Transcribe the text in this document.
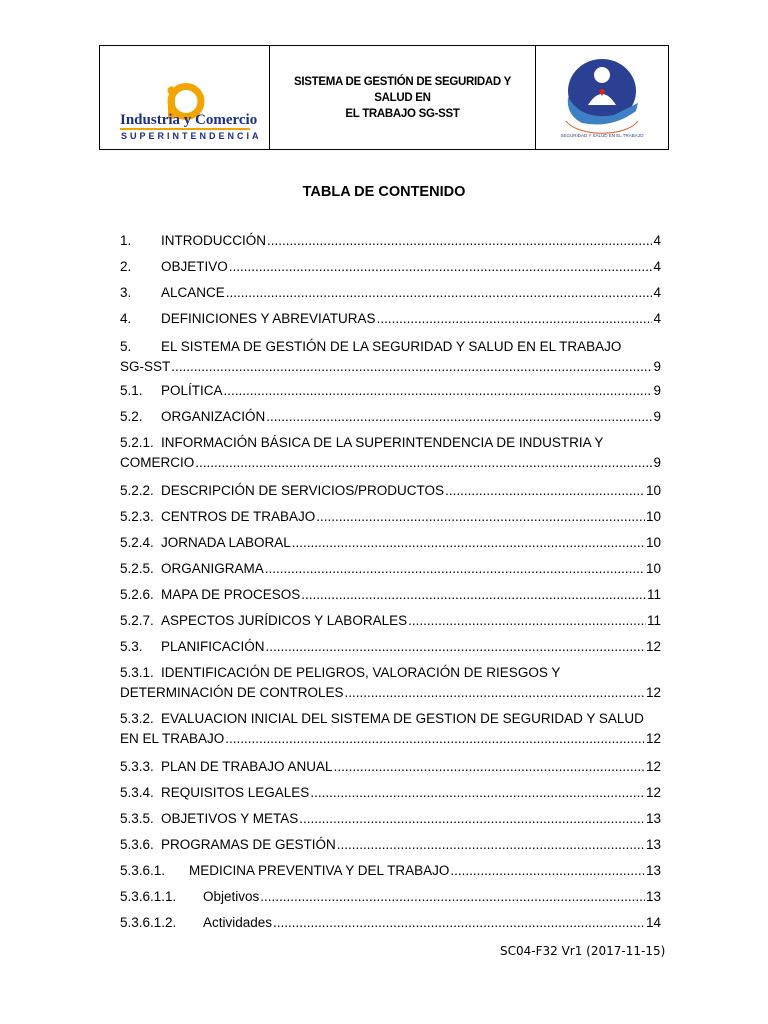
Industria y Comercio
SUPERINTENDENCIA
SISTEMA DE GESTIÓN DE SEGURIDAD Y SALUD EN
EL TRABAJO SG-SST
SEGURIDAD Y SALUD EN EL TRABAJO
TABLA DE CONTENIDO
1.	INTRODUCCIÓN .....	4
2.	OBJETIVO .....	4
3.	ALCANCE .....	4
4.	DEFINICIONES Y ABREVIATURAS .....	4
5.	EL SISTEMA DE GESTIÓN DE LA SEGURIDAD Y SALUD EN EL TRABAJO
SG-SST .....	9
5.1.	POLÍTICA .....	9
5.2.	ORGANIZACIÓN .....	9
5.2.1. INFORMACIÓN BÁSICA DE LA SUPERINTENDENCIA DE INDUSTRIA Y
COMERCIO .....	9
5.2.2. DESCRIPCIÓN DE SERVICIOS/PRODUCTOS .....	10
5.2.3. CENTROS DE TRABAJO .....	10
5.2.4. JORNADA LABORAL .....	10
5.2.5. ORGANIGRAMA .....	10
5.2.6. MAPA DE PROCESOS .....	11
5.2.7. ASPECTOS JURÍDICOS Y LABORALES .....	11
5.3.	PLANIFICACIÓN .....	12
5.3.1. IDENTIFICACIÓN DE PELIGROS, VALORACIÓN DE RIESGOS Y
DETERMINACIÓN DE CONTROLES .....	12
5.3.2. EVALUACION INICIAL DEL SISTEMA DE GESTION DE SEGURIDAD Y SALUD
EN EL TRABAJO .....	12
5.3.3. PLAN DE TRABAJO ANUAL .....	12
5.3.4. REQUISITOS LEGALES .....	12
5.3.5. OBJETIVOS Y METAS .....	13
5.3.6. PROGRAMAS DE GESTIÓN .....	13
5.3.6.1.	MEDICINA PREVENTIVA Y DEL TRABAJO .....	13
5.3.6.1.1.	Objetivos .....	13
5.3.6.1.2.	Actividades .....	14
SC04-F32 Vr1 (2017-11-15)
